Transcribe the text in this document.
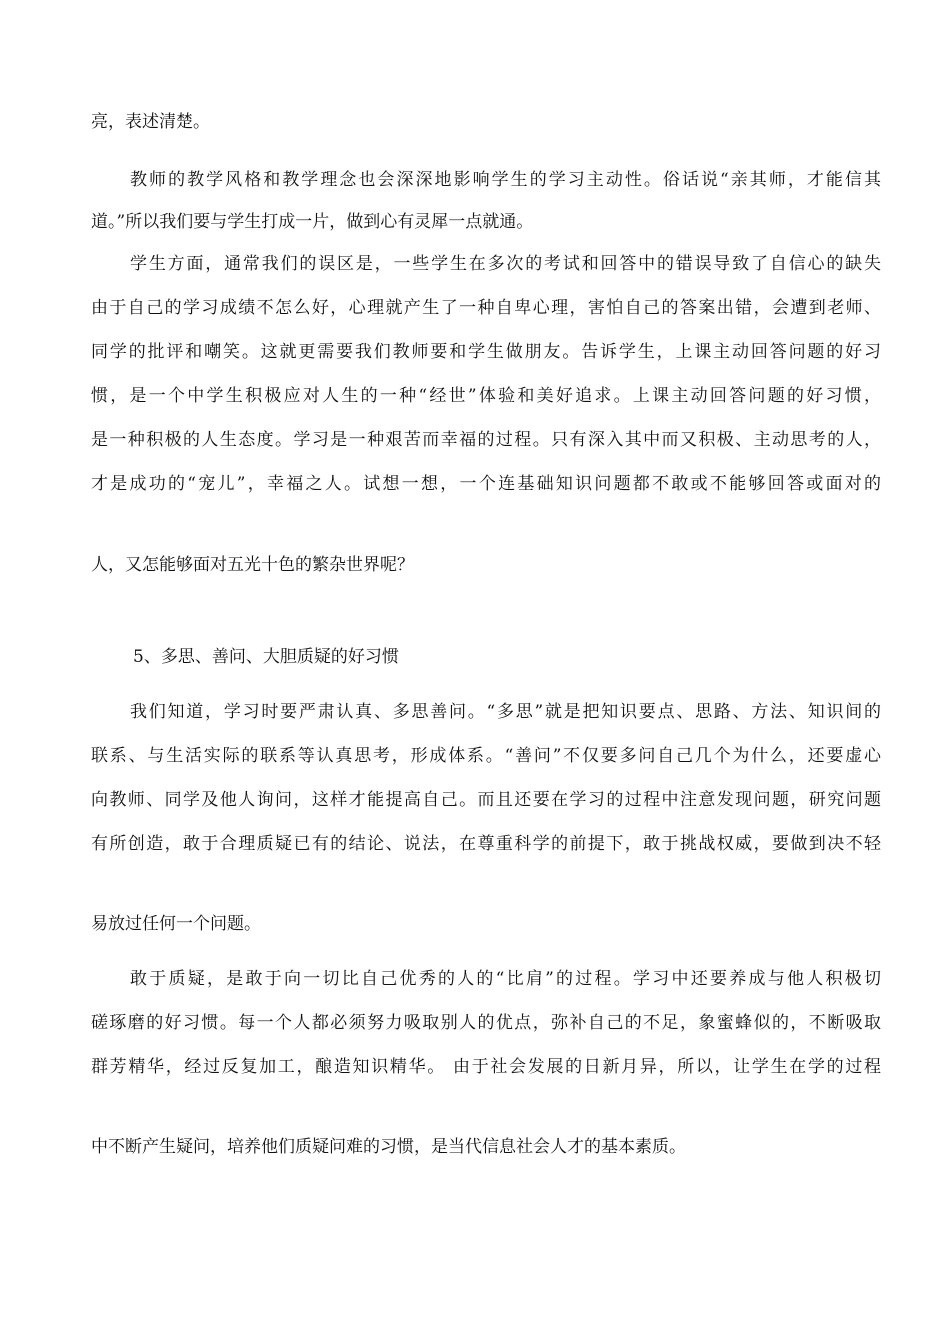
亮，表述清楚。
教师的教学风格和教学理念也会深深地影响学生的学习主动性。俗话说“亲其师，才能信其
道。”所以我们要与学生打成一片，做到心有灵犀一点就通。
学生方面，通常我们的误区是，一些学生在多次的考试和回答中的错误导致了自信心的缺失
由于自己的学习成绩不怎么好，心理就产生了一种自卑心理，害怕自己的答案出错，会遭到老师、
同学的批评和嘲笑。这就更需要我们教师要和学生做朋友。告诉学生，上课主动回答问题的好习
惯，是一个中学生积极应对人生的一种“经世”体验和美好追求。上课主动回答问题的好习惯，
是一种积极的人生态度。学习是一种艰苦而幸福的过程。只有深入其中而又积极、主动思考的人，
才是成功的“宠儿”，幸福之人。试想一想，一个连基础知识问题都不敢或不能够回答或面对的
人，又怎能够面对五光十色的繁杂世界呢？
5、多思、善问、大胆质疑的好习惯
我们知道，学习时要严肃认真、多思善问。“多思”就是把知识要点、思路、方法、知识间的
联系、与生活实际的联系等认真思考，形成体系。“善问”不仅要多问自己几个为什么，还要虚心
向教师、同学及他人询问，这样才能提高自己。而且还要在学习的过程中注意发现问题，研究问题
有所创造，敢于合理质疑已有的结论、说法，在尊重科学的前提下，敢于挑战权威，要做到决不轻
易放过任何一个问题。
敢于质疑，是敢于向一切比自己优秀的人的“比肩”的过程。学习中还要养成与他人积极切
磋琢磨的好习惯。每一个人都必须努力吸取别人的优点，弥补自己的不足，象蜜蜂似的，不断吸取
群芳精华，经过反复加工，酿造知识精华。 由于社会发展的日新月异，所以，让学生在学的过程
中不断产生疑问，培养他们质疑问难的习惯，是当代信息社会人才的基本素质。
